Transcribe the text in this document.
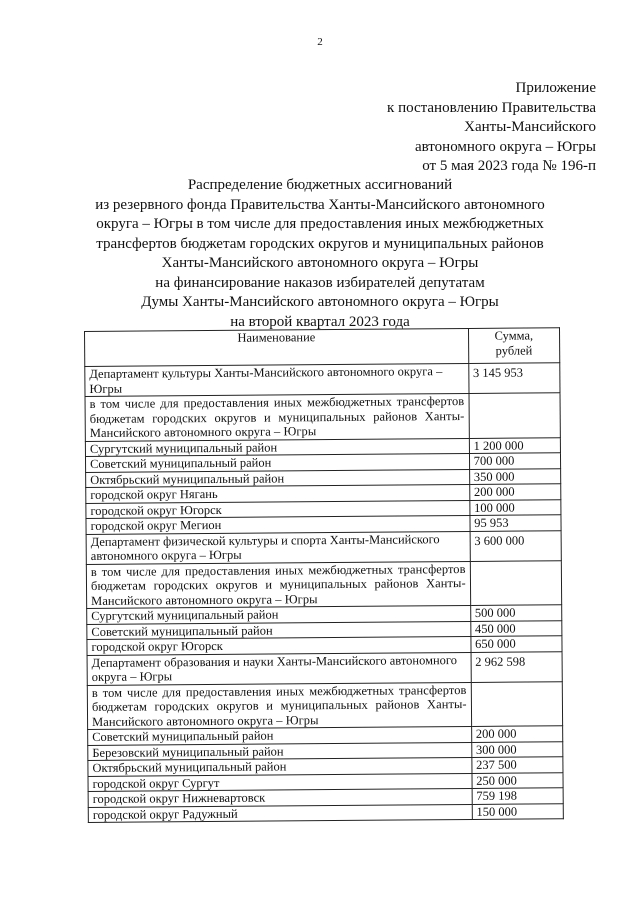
2
Приложение
к постановлению Правительства
Ханты-Мансийского
автономного округа – Югры
от 5 мая 2023 года № 196-п
Распределение бюджетных ассигнований
из резервного фонда Правительства Ханты-Мансийского автономного
округа – Югры в том числе для предоставления иных межбюджетных
трансфертов бюджетам городских округов и муниципальных районов
Ханты-Мансийского автономного округа – Югры
на финансирование наказов избирателей депутатам
Думы Ханты-Мансийского автономного округа – Югры
на второй квартал 2023 года
Наименование	Сумма,
рублей

Департамент культуры Ханты-Мансийского автономного округа – Югры	3 145 953
в том числе для предоставления иных межбюджетных трансфертов бюджетам городских округов и муниципальных районов Ханты-Мансийского автономного округа – Югры	
Сургутский муниципальный район	1 200 000
Советский муниципальный район	700 000
Октябрьский муниципальный район	350 000
городской округ Нягань	200 000
городской округ Югорск	100 000
городской округ Мегион	95 953
Департамент физической культуры и спорта Ханты-Мансийского автономного округа – Югры	3 600 000
в том числе для предоставления иных межбюджетных трансфертов бюджетам городских округов и муниципальных районов Ханты-Мансийского автономного округа – Югры	
Сургутский муниципальный район	500 000
Советский муниципальный район	450 000
городской округ Югорск	650 000
Департамент образования и науки Ханты-Мансийского автономного округа – Югры	2 962 598
в том числе для предоставления иных межбюджетных трансфертов бюджетам городских округов и муниципальных районов Ханты-Мансийского автономного округа – Югры	
Советский муниципальный район	200 000
Березовский муниципальный район	300 000
Октябрьский муниципальный район	237 500
городской округ Сургут	250 000
городской округ Нижневартовск	759 198
городской округ Радужный	150 000
